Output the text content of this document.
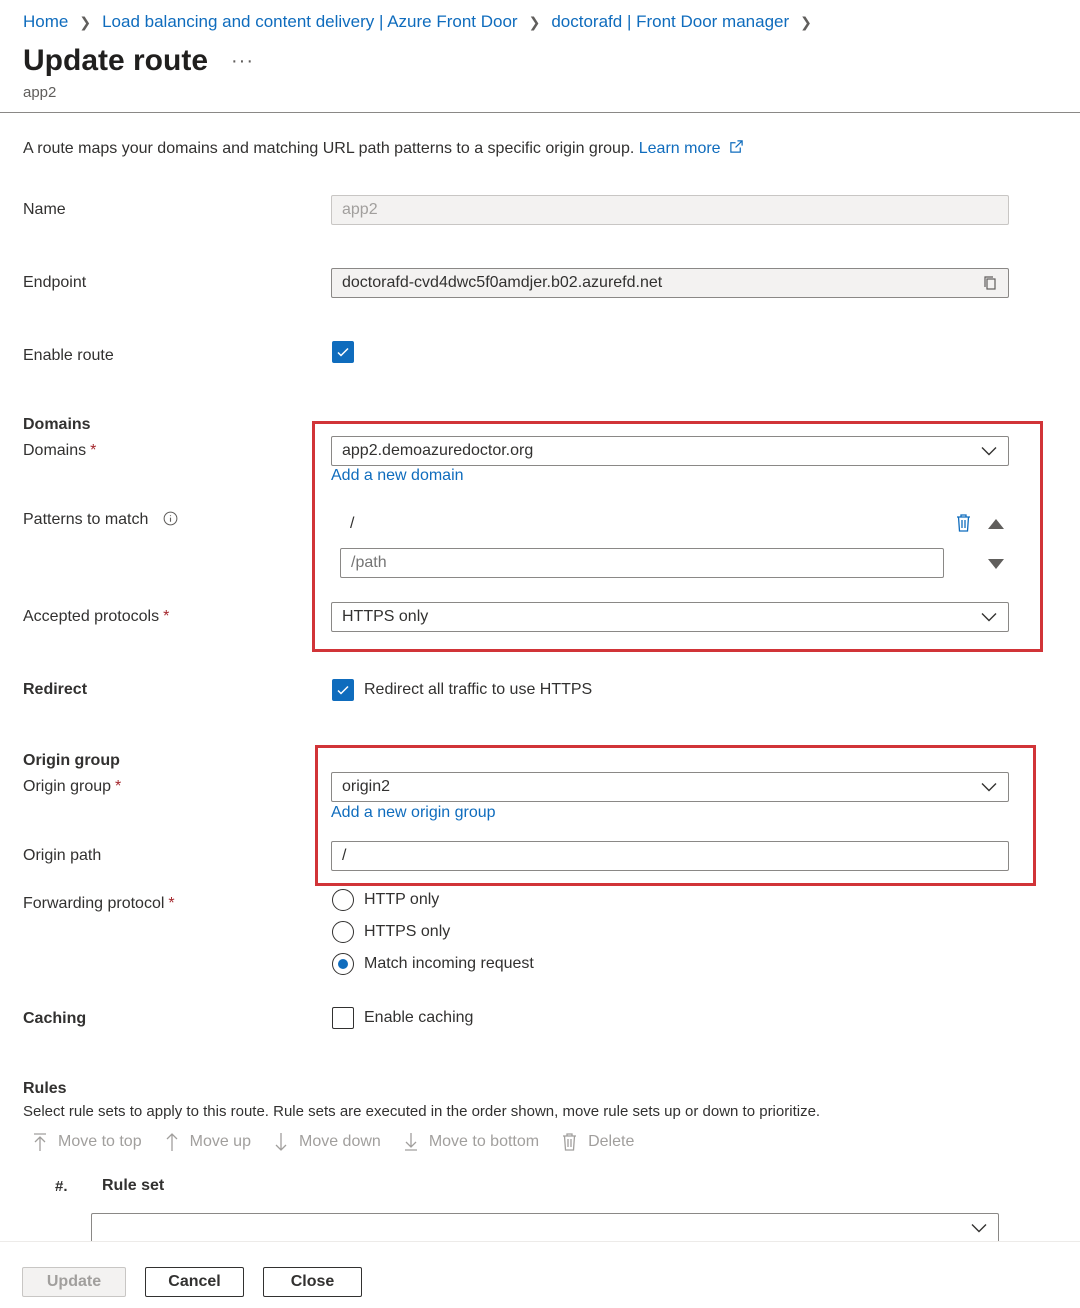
Home ❯ Load balancing and content delivery | Azure Front Door ❯ doctorafd | Front Door manager ❯
Update route ···
app2
A route maps your domains and matching URL path patterns to a specific origin group. Learn more
Name	app2
Endpoint	doctorafd-cvd4dwc5f0amdjer.b02.azurefd.net
Enable route
Domains
Domains *	app2.demoazuredoctor.org
Add a new domain
Patterns to match	/
/path
Accepted protocols *	HTTPS only
Redirect	Redirect all traffic to use HTTPS
Origin group
Origin group *	origin2
Add a new origin group
Origin path	/
Forwarding protocol *	HTTP only
HTTPS only
Match incoming request
Caching	Enable caching
Rules
Select rule sets to apply to this route. Rule sets are executed in the order shown, move rule sets up or down to prioritize.
Move to top	Move up	Move down	Move to bottom	Delete
#. Rule set
Update	Cancel	Close
